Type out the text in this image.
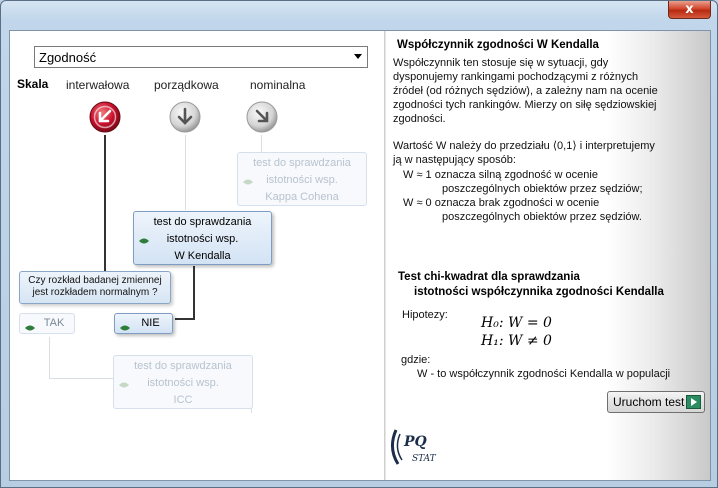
x
Zgodność
Skala interwałowa porządkowa	nominalna
test do sprawdzania
istotności wsp.
Kappa Cohena
test do sprawdzania
istotności wsp.
W Kendalla
Czy rozkład badanej zmiennej
jest rozkładem normalnym ?
TAK	NIE
test do sprawdzania
istotności wsp.
ICC
Współczynnik zgodności W Kendalla
Współczynnik ten stosuje się w sytuacji, gdy
dysponujemy rankingami pochodzącymi z różnych
źródeł (od różnych sędziów), a zależny nam na ocenie
zgodności tych rankingów. Mierzy on siłę sędziowskiej
zgodności.
Wartość W należy do przedziału ⟨0,1⟩ i interpretujemy
ją w następujący sposób:
W ≈ 1 oznacza silną zgodność w ocenie
poszczególnych obiektów przez sędziów;
W ≈ 0 oznacza brak zgodności w ocenie
poszczególnych obiektów przez sędziów.
Test chi-kwadrat dla sprawdzania
istotności współczynnika zgodności Kendalla
Hipotezy: H₀: W = 0
H₁: W ≠ 0
gdzie:
W - to współczynnik zgodności Kendalla w populacji
Uruchom test
PQ
STAT
